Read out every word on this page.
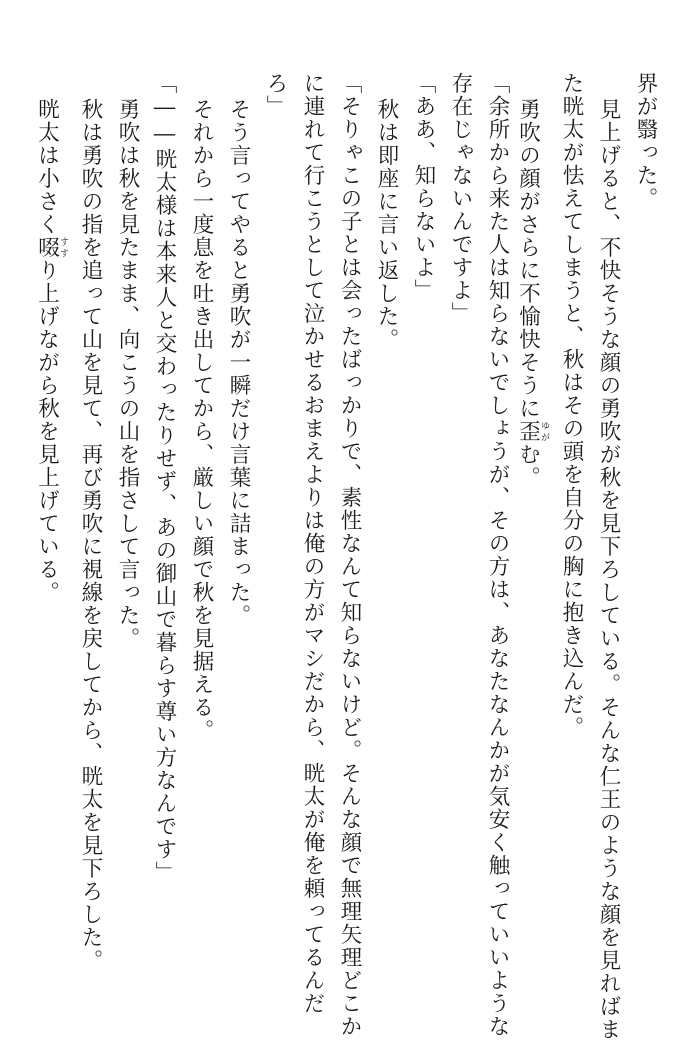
界が翳った。
見上げると、不快そうな顔の勇吹が秋を見下ろしている。そんな仁王のような顔を見ればま
た晄太が怯えてしまうと、秋はその頭を自分の胸に抱き込んだ。
勇吹の顔がさらに不愉快そうに歪ゆがむ。
「余所から来た人は知らないでしょうが、その方は、あなたなんかが気安く触っていいような
存在じゃないんですよ」
「ああ、知らないよ」
秋は即座に言い返した。
「そりゃこの子とは会ったばっかりで、素性なんて知らないけど。そんな顔で無理矢理どこか
に連れて行こうとして泣かせるおまえよりは俺の方がマシだから、晄太が俺を頼ってるんだ
ろ」
そう言ってやると勇吹が一瞬だけ言葉に詰まった。
それから一度息を吐き出してから、厳しい顔で秋を見据える。
「――晄太様は本来人と交わったりせず、あの御山で暮らす尊い方なんです」
勇吹は秋を見たまま、向こうの山を指さして言った。
秋は勇吹の指を追って山を見て、再び勇吹に視線を戻してから、晄太を見下ろした。
晄太は小さく啜すすり上げながら秋を見上げている。
